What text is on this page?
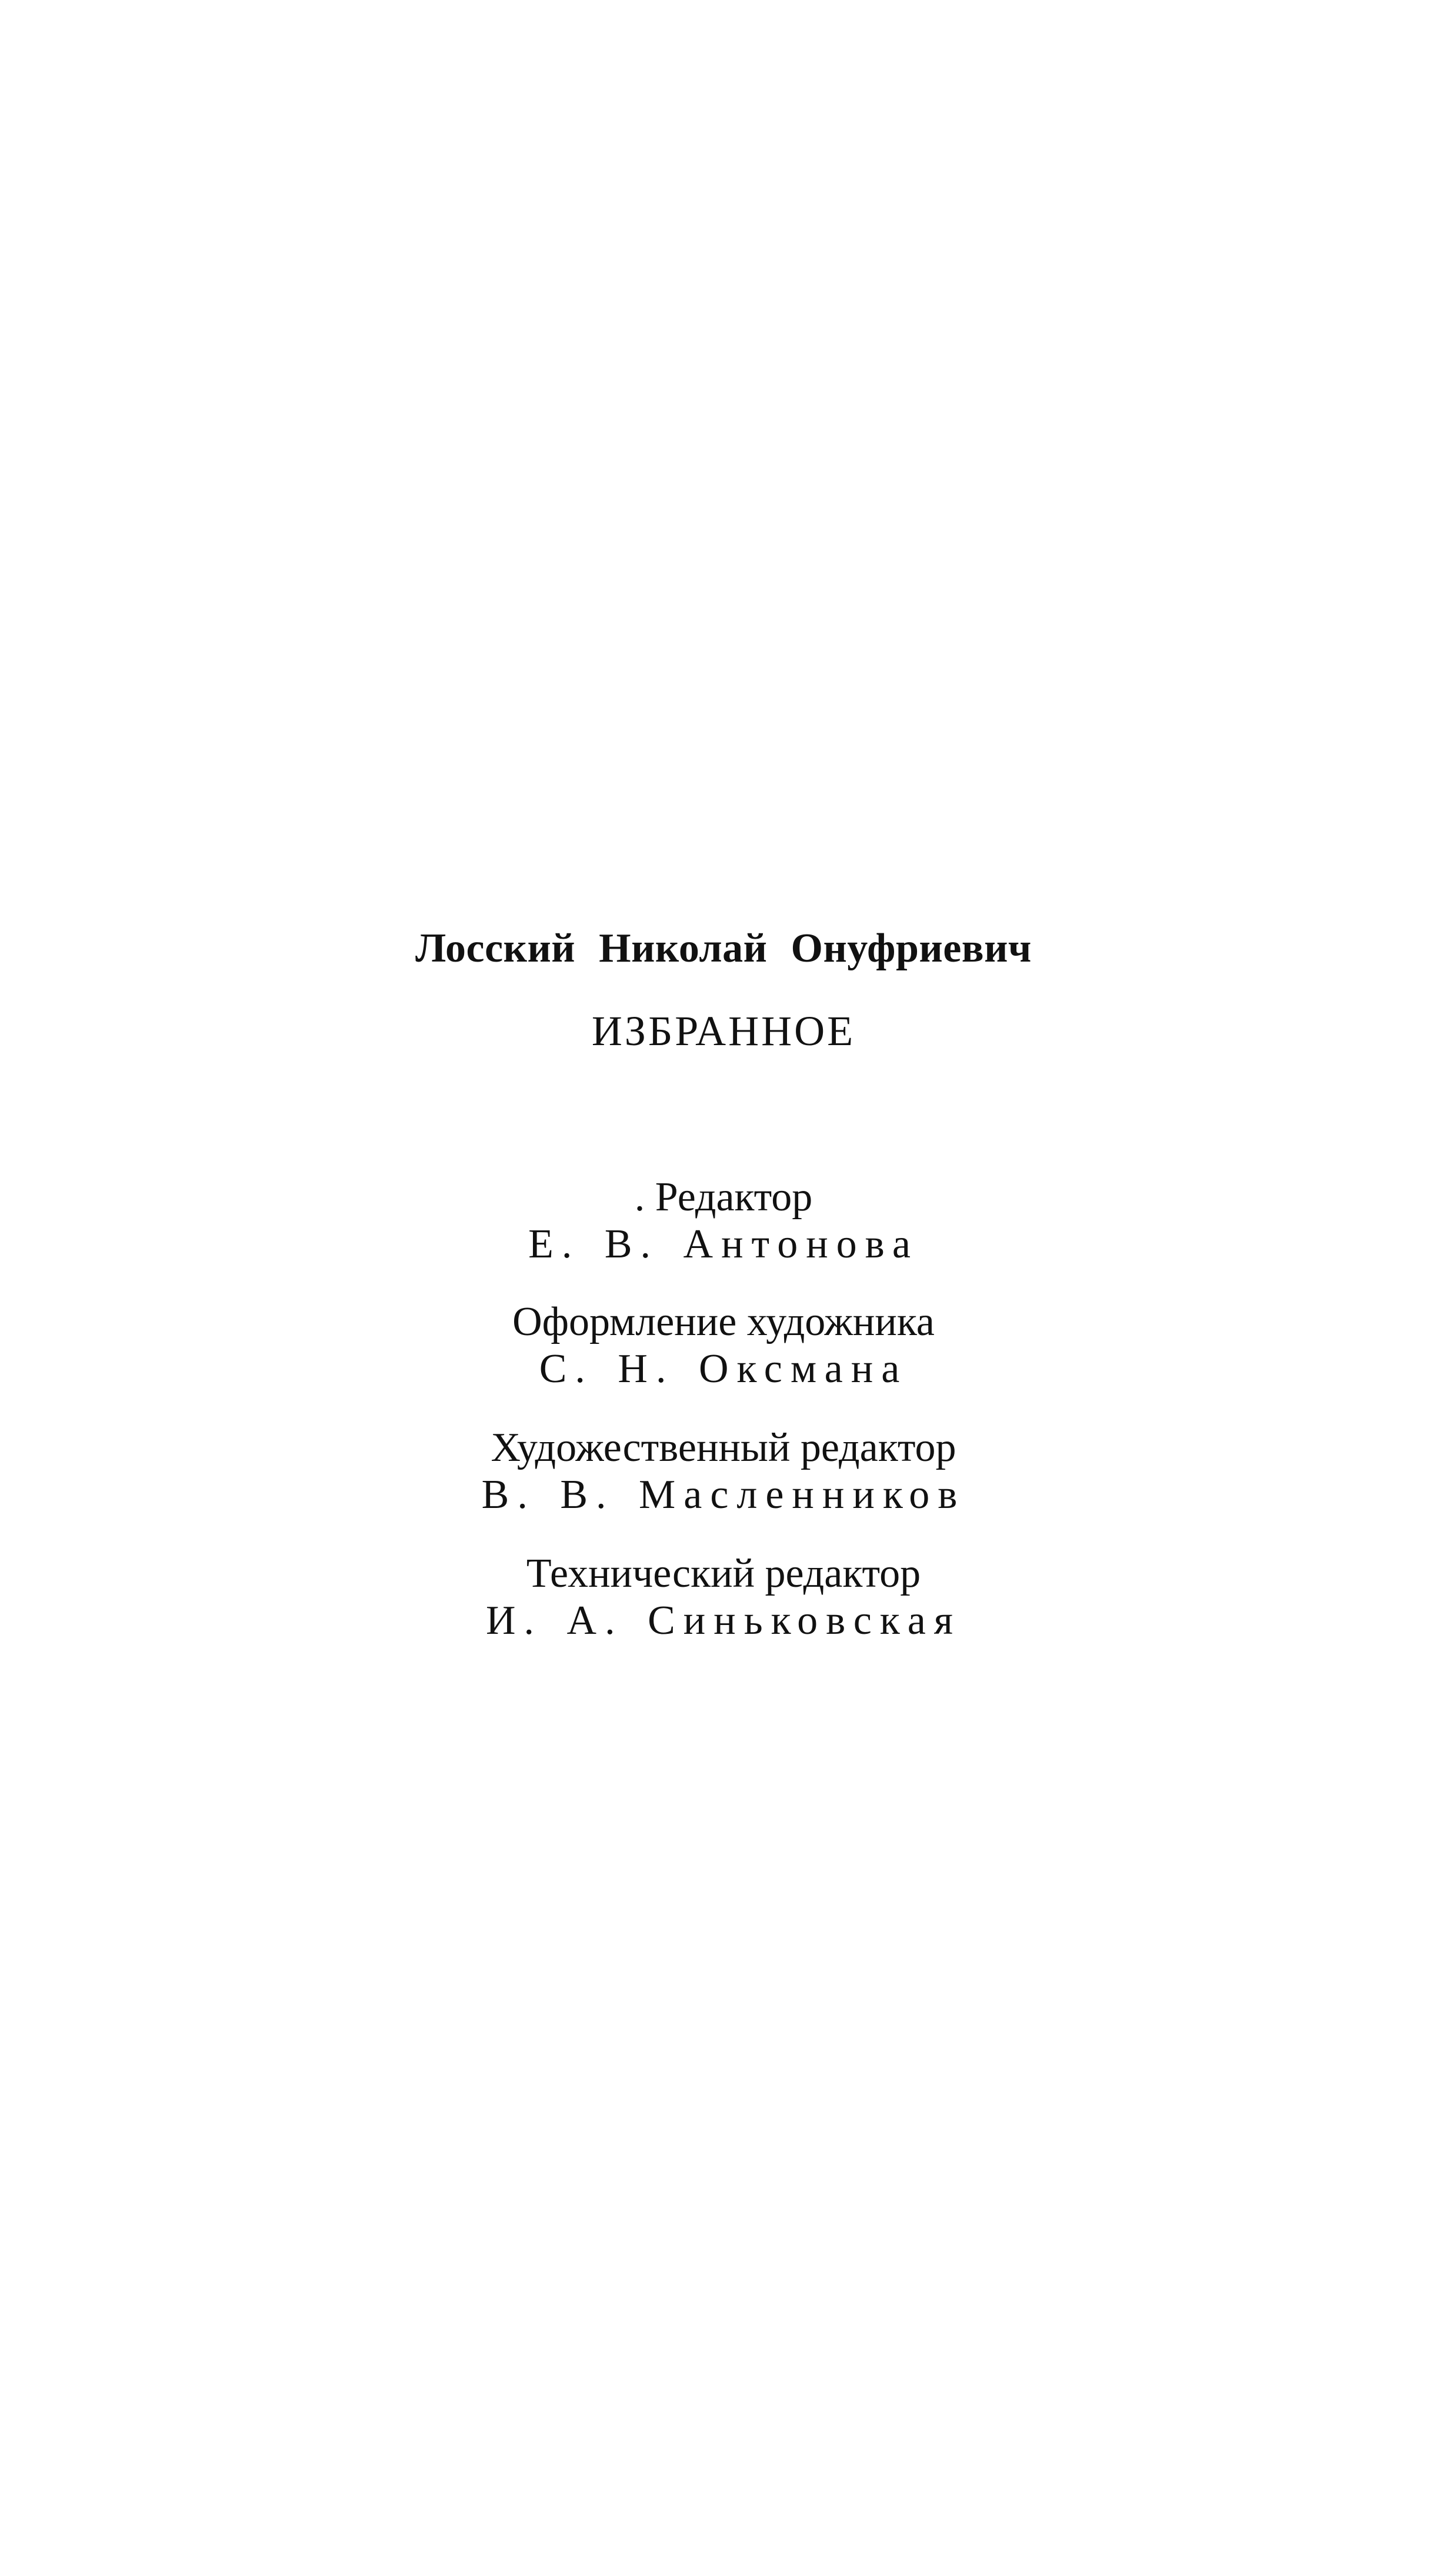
Лосский Николай Онуфриевич
ИЗБРАННОЕ
. Редактор
Е. В. Антонова
Оформление художника
С. Н. Оксмана
Художественный редактор
В. В. Масленников
Технический редактор
И. А. Синьковская
